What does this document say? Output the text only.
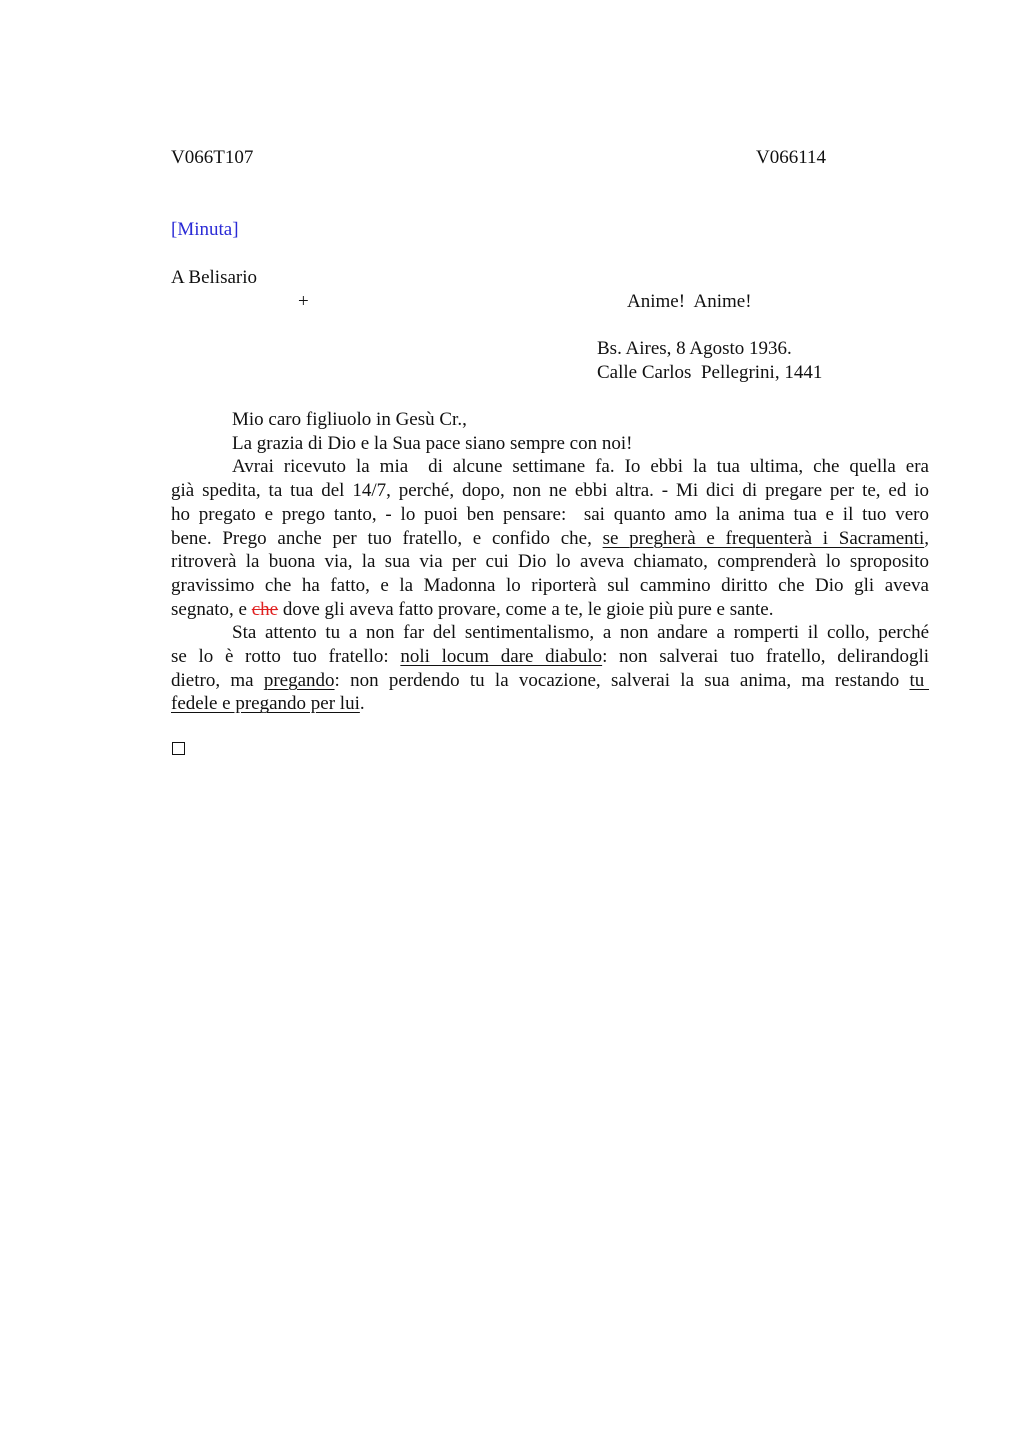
V066T107	V066114
[Minuta]
A Belisario
+	Anime!  Anime!
Bs. Aires, 8 Agosto 1936.
Calle Carlos  Pellegrini, 1441
Mio caro figliuolo in Gesù Cr.,
La grazia di Dio e la Sua pace siano sempre con noi!
Avrai ricevuto la mia  di alcune settimane fa. Io ebbi la tua ultima, che quella era
già spedita, ta tua del 14/7, perché, dopo, non ne ebbi altra. - Mi dici di pregare per te, ed io
ho pregato e prego tanto, - lo puoi ben pensare:  sai quanto amo la anima tua e il tuo vero
bene. Prego anche per tuo fratello, e confido che, se pregherà e frequenterà i Sacramenti,
ritroverà la buona via, la sua via per cui Dio lo aveva chiamato, comprenderà lo sproposito
gravissimo che ha fatto, e la Madonna lo riporterà sul cammino diritto che Dio gli aveva
segnato, e che dove gli aveva fatto provare, come a te, le gioie più pure e sante.
Sta attento tu a non far del sentimentalismo, a non andare a romperti il collo, perché
se lo è rotto tuo fratello: noli locum dare diabulo: non salverai tuo fratello, delirandogli
dietro, ma pregando: non perdendo tu la vocazione, salverai la sua anima, ma restando tu
fedele e pregando per lui.
